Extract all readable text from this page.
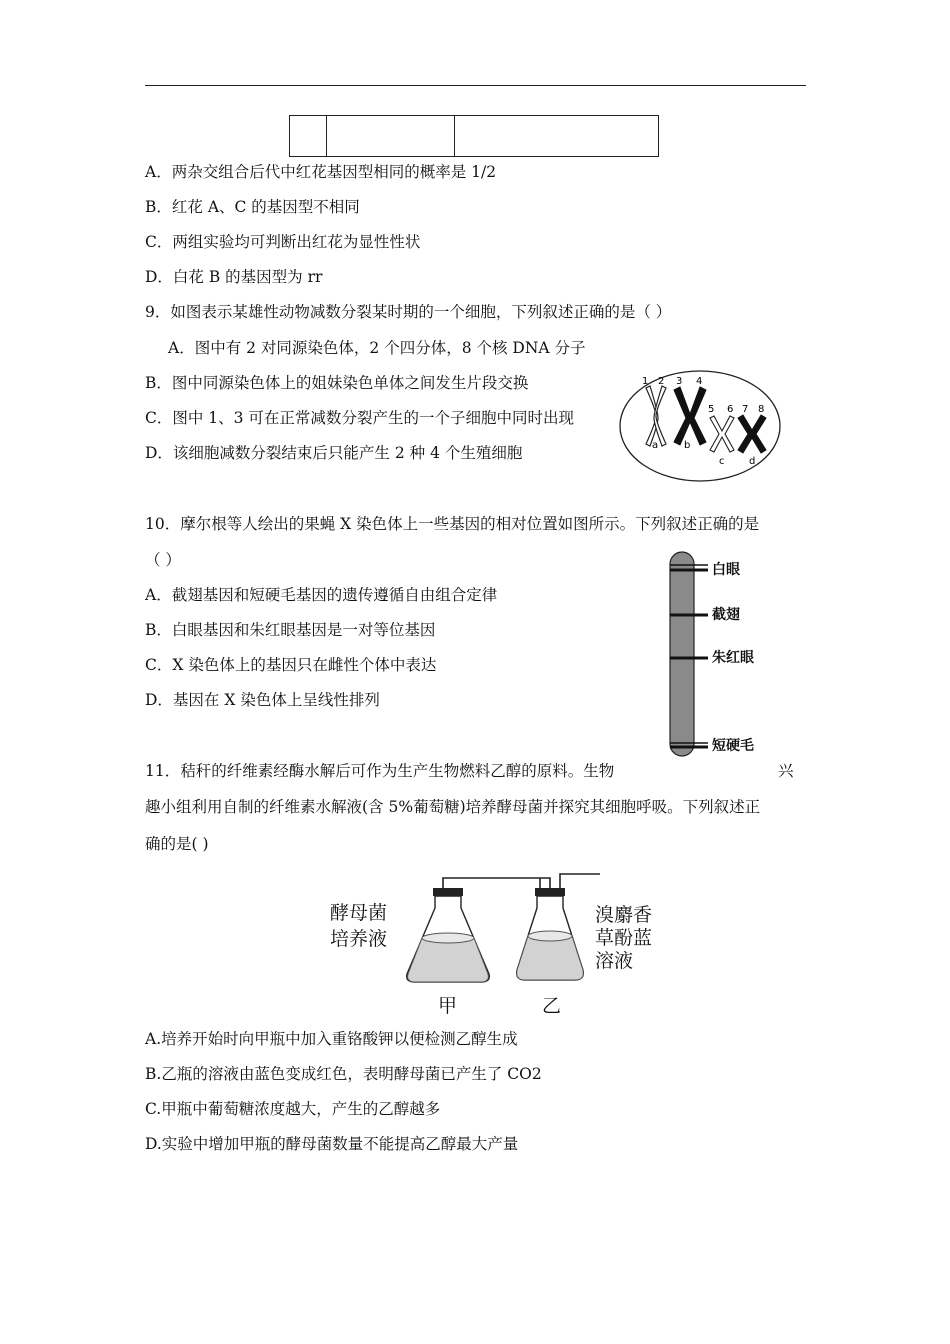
A．两杂交组合后代中红花基因型相同的概率是 1/2
B．红花 A、C 的基因型不相同
C．两组实验均可判断出红花为显性性状
D．白花 B 的基因型为 rr
9．如图表示某雄性动物减数分裂某时期的一个细胞，下列叙述正确的是（ ）
A．图中有 2 对同源染色体，2 个四分体，8 个核 DNA 分子
B．图中同源染色体上的姐妹染色单体之间发生片段交换
C．图中 1、3 可在正常减数分裂产生的一个子细胞中同时出现
D．该细胞减数分裂结束后只能产生 2 种 4 个生殖细胞
1 2 3 4
5 6 7 8
a	b
c d
10．摩尔根等人绘出的果蝇 X 染色体上一些基因的相对位置如图所示。下列叙述正确的是
（ ）
A．截翅基因和短硬毛基因的遗传遵循自由组合定律
B．白眼基因和朱红眼基因是一对等位基因
C．X 染色体上的基因只在雌性个体中表达
D．基因在 X 染色体上呈线性排列
白眼
截翅
朱红眼
短硬毛
11．秸秆的纤维素经酶水解后可作为生产生物燃料乙醇的原料。生物	兴
趣小组利用自制的纤维素水解液(含 5%葡萄糖)培养酵母菌并探究其细胞呼吸。下列叙述正
确的是( )
酵母菌
培养液
溴麝香
草酚蓝
溶液
甲	乙
A.培养开始时向甲瓶中加入重铬酸钾以便检测乙醇生成
B.乙瓶的溶液由蓝色变成红色，表明酵母菌已产生了 CO2
C.甲瓶中葡萄糖浓度越大，产生的乙醇越多
D.实验中增加甲瓶的酵母菌数量不能提高乙醇最大产量
